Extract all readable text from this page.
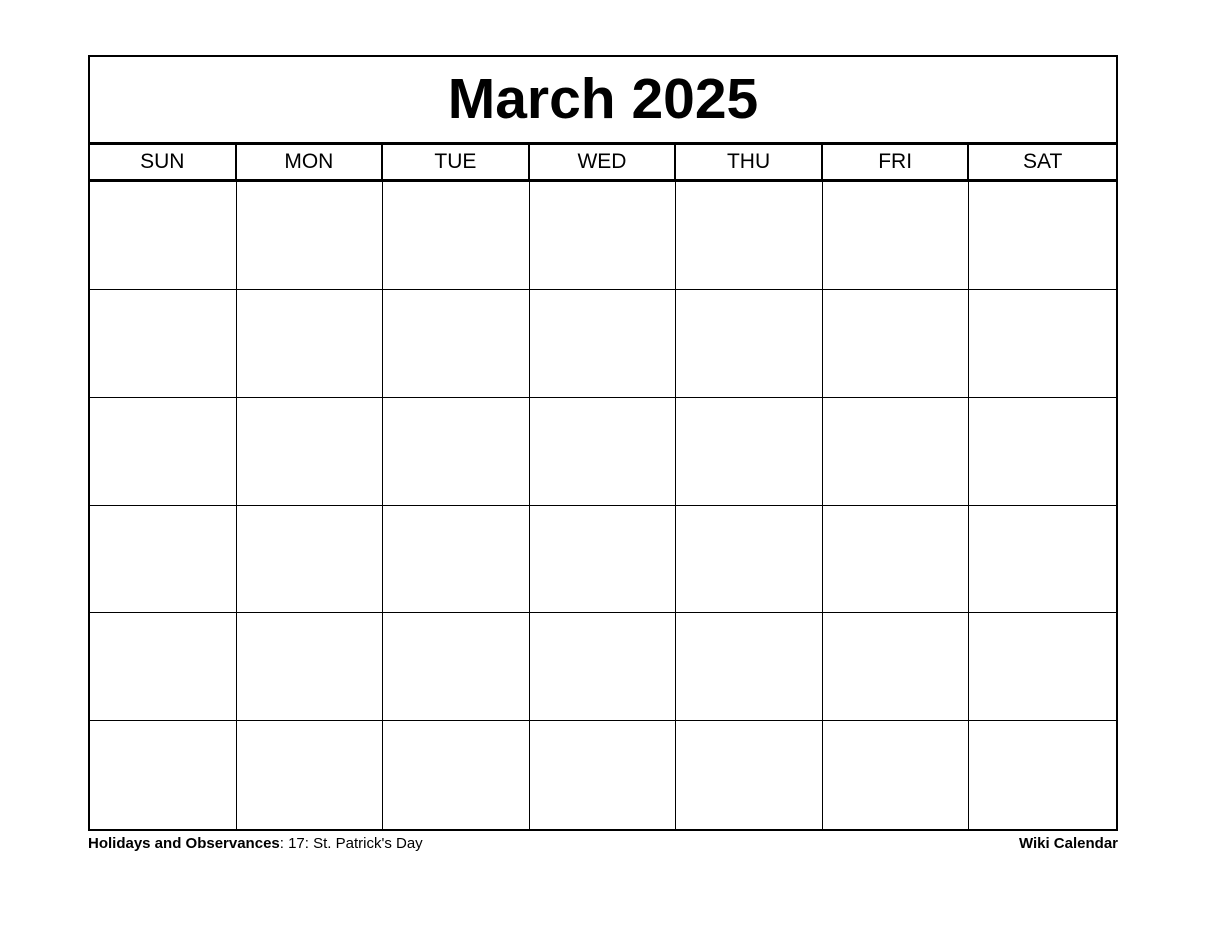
March 2025
SUN	MON	TUE	WED	THU	FRI	SAT
Holidays and Observances: 17: St. Patrick's Day	Wiki Calendar
